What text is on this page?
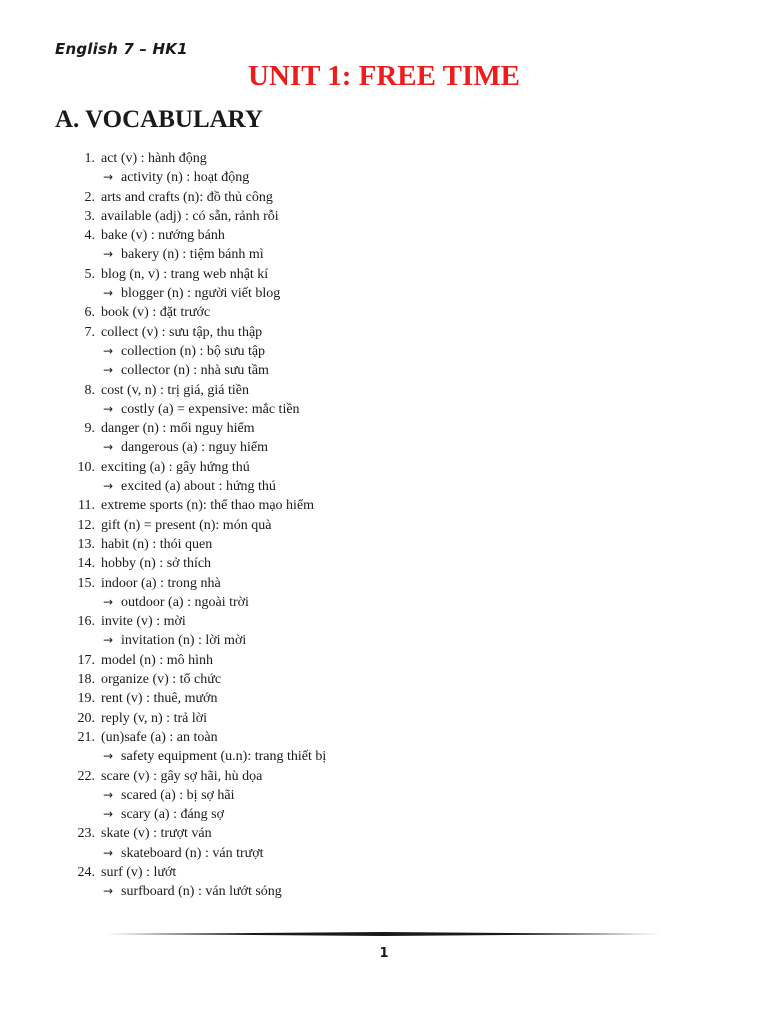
English 7 – HK1
UNIT 1: FREE TIME
A. VOCABULARY
1. act (v) : hành động
→ activity (n) : hoạt động
2. arts and crafts (n): đồ thủ công
3. available (adj) : có sẵn, rảnh rỗi
4. bake (v) : nướng bánh
→ bakery (n) : tiệm bánh mì
5. blog (n, v) : trang web nhật kí
→ blogger (n) : người viết blog
6. book (v) : đặt trước
7. collect (v) : sưu tập, thu thập
→ collection (n) : bộ sưu tập
→ collector (n) : nhà sưu tầm
8. cost (v, n) : trị giá, giá tiền
→ costly (a) = expensive: mắc tiền
9. danger (n) : mối nguy hiểm
→ dangerous (a) : nguy hiểm
10. exciting (a) : gây hứng thú
→ excited (a) about : hứng thú
11. extreme sports (n): thể thao mạo hiểm
12. gift (n) = present (n): món quà
13. habit (n) : thói quen
14. hobby (n) : sở thích
15. indoor (a) : trong nhà
→ outdoor (a) : ngoài trời
16. invite (v) : mời
→ invitation (n) : lời mời
17. model (n) : mô hình
18. organize (v) : tổ chức
19. rent (v) : thuê, mướn
20. reply (v, n) : trả lời
21. (un)safe (a) : an toàn
→ safety equipment (u.n): trang thiết bị
22. scare (v) : gây sợ hãi, hù dọa
→ scared (a) : bị sợ hãi
→ scary (a) : đáng sợ
23. skate (v) : trượt ván
→ skateboard (n) : ván trượt
24. surf (v) : lướt
→ surfboard (n) : ván lướt sóng
1
